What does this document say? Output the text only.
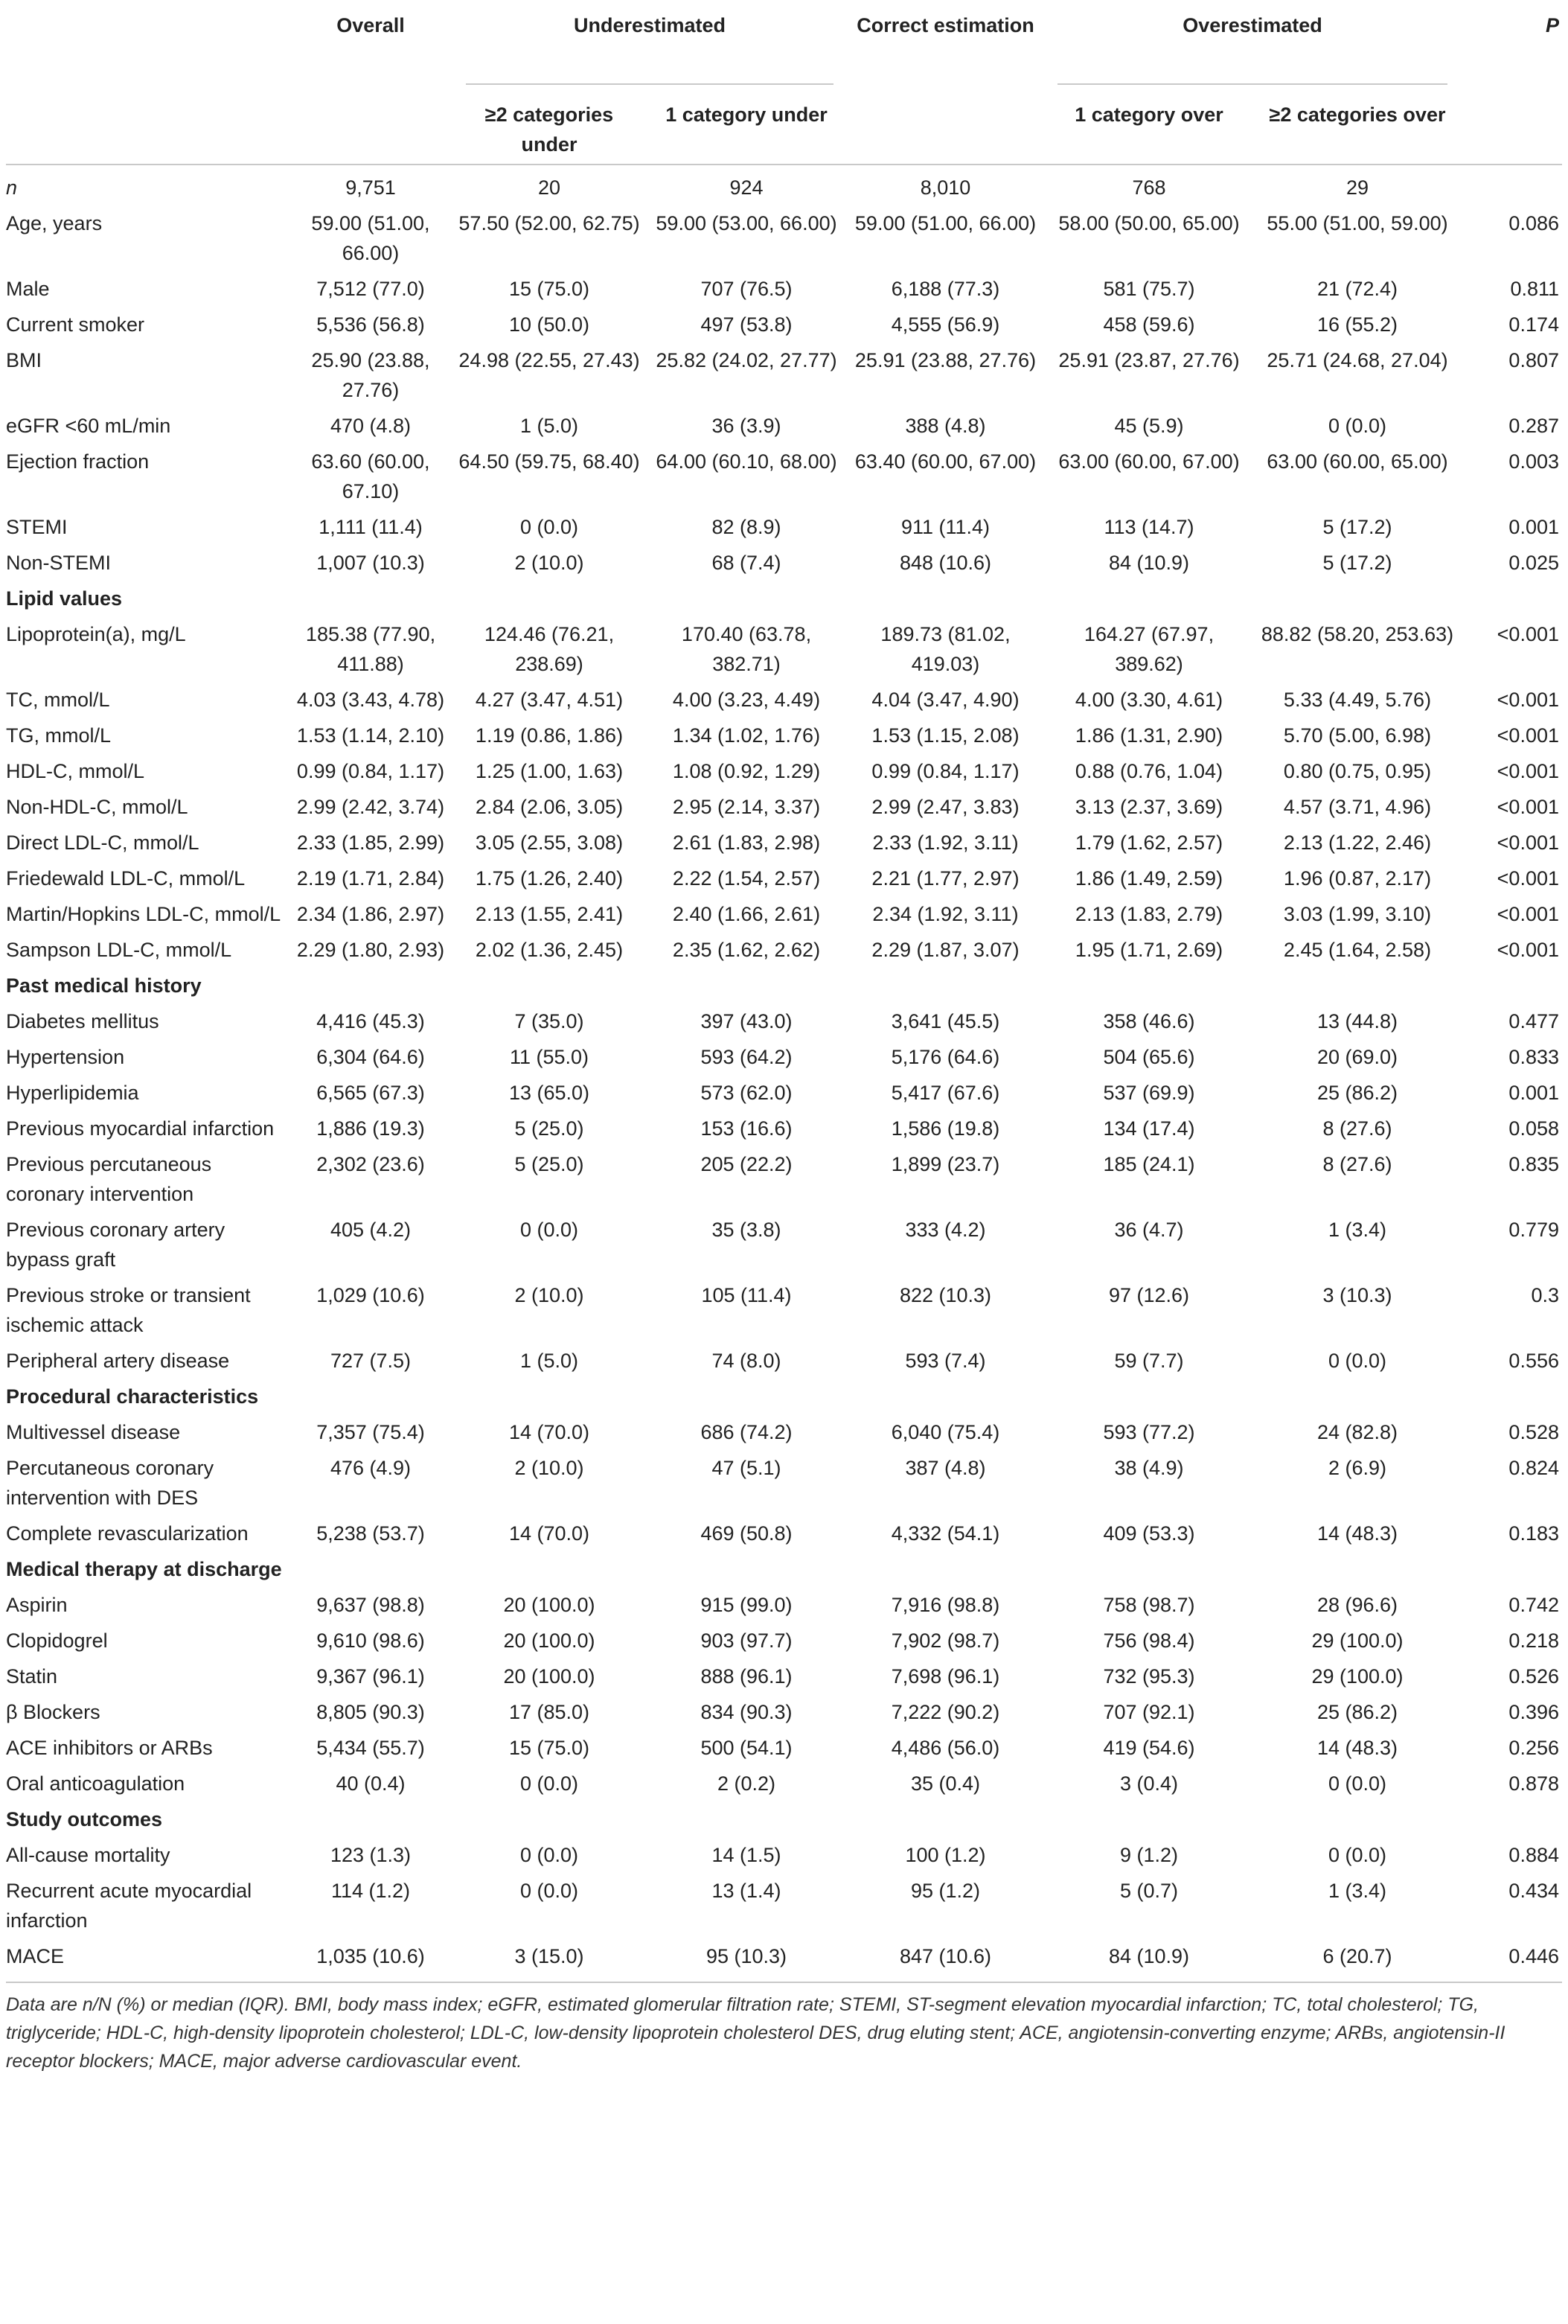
	Overall	Underestimated		Correct estimation	Overestimated		P
		≥2 categories under	1 category under		1 category over	≥2 categories over	
n	9,751	20	924	8,010	768	29	
Age, years	59.00 (51.00, 66.00)	57.50 (52.00, 62.75)	59.00 (53.00, 66.00)	59.00 (51.00, 66.00)	58.00 (50.00, 65.00)	55.00 (51.00, 59.00)	0.086
Male	7,512 (77.0)	15 (75.0)	707 (76.5)	6,188 (77.3)	581 (75.7)	21 (72.4)	0.811
Current smoker	5,536 (56.8)	10 (50.0)	497 (53.8)	4,555 (56.9)	458 (59.6)	16 (55.2)	0.174
BMI	25.90 (23.88, 27.76)	24.98 (22.55, 27.43)	25.82 (24.02, 27.77)	25.91 (23.88, 27.76)	25.91 (23.87, 27.76)	25.71 (24.68, 27.04)	0.807
eGFR <60 mL/min	470 (4.8)	1 (5.0)	36 (3.9)	388 (4.8)	45 (5.9)	0 (0.0)	0.287
Ejection fraction	63.60 (60.00, 67.10)	64.50 (59.75, 68.40)	64.00 (60.10, 68.00)	63.40 (60.00, 67.00)	63.00 (60.00, 67.00)	63.00 (60.00, 65.00)	0.003
STEMI	1,111 (11.4)	0 (0.0)	82 (8.9)	911 (11.4)	113 (14.7)	5 (17.2)	0.001
Non-STEMI	1,007 (10.3)	2 (10.0)	68 (7.4)	848 (10.6)	84 (10.9)	5 (17.2)	0.025
Lipid values							
Lipoprotein(a), mg/L	185.38 (77.90, 411.88)	124.46 (76.21, 238.69)	170.40 (63.78, 382.71)	189.73 (81.02, 419.03)	164.27 (67.97, 389.62)	88.82 (58.20, 253.63)	<0.001
TC, mmol/L	4.03 (3.43, 4.78)	4.27 (3.47, 4.51)	4.00 (3.23, 4.49)	4.04 (3.47, 4.90)	4.00 (3.30, 4.61)	5.33 (4.49, 5.76)	<0.001
TG, mmol/L	1.53 (1.14, 2.10)	1.19 (0.86, 1.86)	1.34 (1.02, 1.76)	1.53 (1.15, 2.08)	1.86 (1.31, 2.90)	5.70 (5.00, 6.98)	<0.001
HDL-C, mmol/L	0.99 (0.84, 1.17)	1.25 (1.00, 1.63)	1.08 (0.92, 1.29)	0.99 (0.84, 1.17)	0.88 (0.76, 1.04)	0.80 (0.75, 0.95)	<0.001
Non-HDL-C, mmol/L	2.99 (2.42, 3.74)	2.84 (2.06, 3.05)	2.95 (2.14, 3.37)	2.99 (2.47, 3.83)	3.13 (2.37, 3.69)	4.57 (3.71, 4.96)	<0.001
Direct LDL-C, mmol/L	2.33 (1.85, 2.99)	3.05 (2.55, 3.08)	2.61 (1.83, 2.98)	2.33 (1.92, 3.11)	1.79 (1.62, 2.57)	2.13 (1.22, 2.46)	<0.001
Friedewald LDL-C, mmol/L	2.19 (1.71, 2.84)	1.75 (1.26, 2.40)	2.22 (1.54, 2.57)	2.21 (1.77, 2.97)	1.86 (1.49, 2.59)	1.96 (0.87, 2.17)	<0.001
Martin/Hopkins LDL-C, mmol/L	2.34 (1.86, 2.97)	2.13 (1.55, 2.41)	2.40 (1.66, 2.61)	2.34 (1.92, 3.11)	2.13 (1.83, 2.79)	3.03 (1.99, 3.10)	<0.001
Sampson LDL-C, mmol/L	2.29 (1.80, 2.93)	2.02 (1.36, 2.45)	2.35 (1.62, 2.62)	2.29 (1.87, 3.07)	1.95 (1.71, 2.69)	2.45 (1.64, 2.58)	<0.001
Past medical history							
Diabetes mellitus	4,416 (45.3)	7 (35.0)	397 (43.0)	3,641 (45.5)	358 (46.6)	13 (44.8)	0.477
Hypertension	6,304 (64.6)	11 (55.0)	593 (64.2)	5,176 (64.6)	504 (65.6)	20 (69.0)	0.833
Hyperlipidemia	6,565 (67.3)	13 (65.0)	573 (62.0)	5,417 (67.6)	537 (69.9)	25 (86.2)	0.001
Previous myocardial infarction	1,886 (19.3)	5 (25.0)	153 (16.6)	1,586 (19.8)	134 (17.4)	8 (27.6)	0.058
Previous percutaneous coronary intervention	2,302 (23.6)	5 (25.0)	205 (22.2)	1,899 (23.7)	185 (24.1)	8 (27.6)	0.835
Previous coronary artery bypass graft	405 (4.2)	0 (0.0)	35 (3.8)	333 (4.2)	36 (4.7)	1 (3.4)	0.779
Previous stroke or transient ischemic attack	1,029 (10.6)	2 (10.0)	105 (11.4)	822 (10.3)	97 (12.6)	3 (10.3)	0.3
Peripheral artery disease	727 (7.5)	1 (5.0)	74 (8.0)	593 (7.4)	59 (7.7)	0 (0.0)	0.556
Procedural characteristics							
Multivessel disease	7,357 (75.4)	14 (70.0)	686 (74.2)	6,040 (75.4)	593 (77.2)	24 (82.8)	0.528
Percutaneous coronary intervention with DES	476 (4.9)	2 (10.0)	47 (5.1)	387 (4.8)	38 (4.9)	2 (6.9)	0.824
Complete revascularization	5,238 (53.7)	14 (70.0)	469 (50.8)	4,332 (54.1)	409 (53.3)	14 (48.3)	0.183
Medical therapy at discharge							
Aspirin	9,637 (98.8)	20 (100.0)	915 (99.0)	7,916 (98.8)	758 (98.7)	28 (96.6)	0.742
Clopidogrel	9,610 (98.6)	20 (100.0)	903 (97.7)	7,902 (98.7)	756 (98.4)	29 (100.0)	0.218
Statin	9,367 (96.1)	20 (100.0)	888 (96.1)	7,698 (96.1)	732 (95.3)	29 (100.0)	0.526
β Blockers	8,805 (90.3)	17 (85.0)	834 (90.3)	7,222 (90.2)	707 (92.1)	25 (86.2)	0.396
ACE inhibitors or ARBs	5,434 (55.7)	15 (75.0)	500 (54.1)	4,486 (56.0)	419 (54.6)	14 (48.3)	0.256
Oral anticoagulation	40 (0.4)	0 (0.0)	2 (0.2)	35 (0.4)	3 (0.4)	0 (0.0)	0.878
Study outcomes							
All-cause mortality	123 (1.3)	0 (0.0)	14 (1.5)	100 (1.2)	9 (1.2)	0 (0.0)	0.884
Recurrent acute myocardial infarction	114 (1.2)	0 (0.0)	13 (1.4)	95 (1.2)	5 (0.7)	1 (3.4)	0.434
MACE	1,035 (10.6)	3 (15.0)	95 (10.3)	847 (10.6)	84 (10.9)	6 (20.7)	0.446
Data are n/N (%) or median (IQR). BMI, body mass index; eGFR, estimated glomerular filtration rate; STEMI, ST-segment elevation myocardial infarction; TC, total cholesterol; TG, triglyceride; HDL-C, high-density lipoprotein cholesterol; LDL-C, low-density lipoprotein cholesterol DES, drug eluting stent; ACE, angiotensin-converting enzyme; ARBs, angiotensin-II receptor blockers; MACE, major adverse cardiovascular event.
